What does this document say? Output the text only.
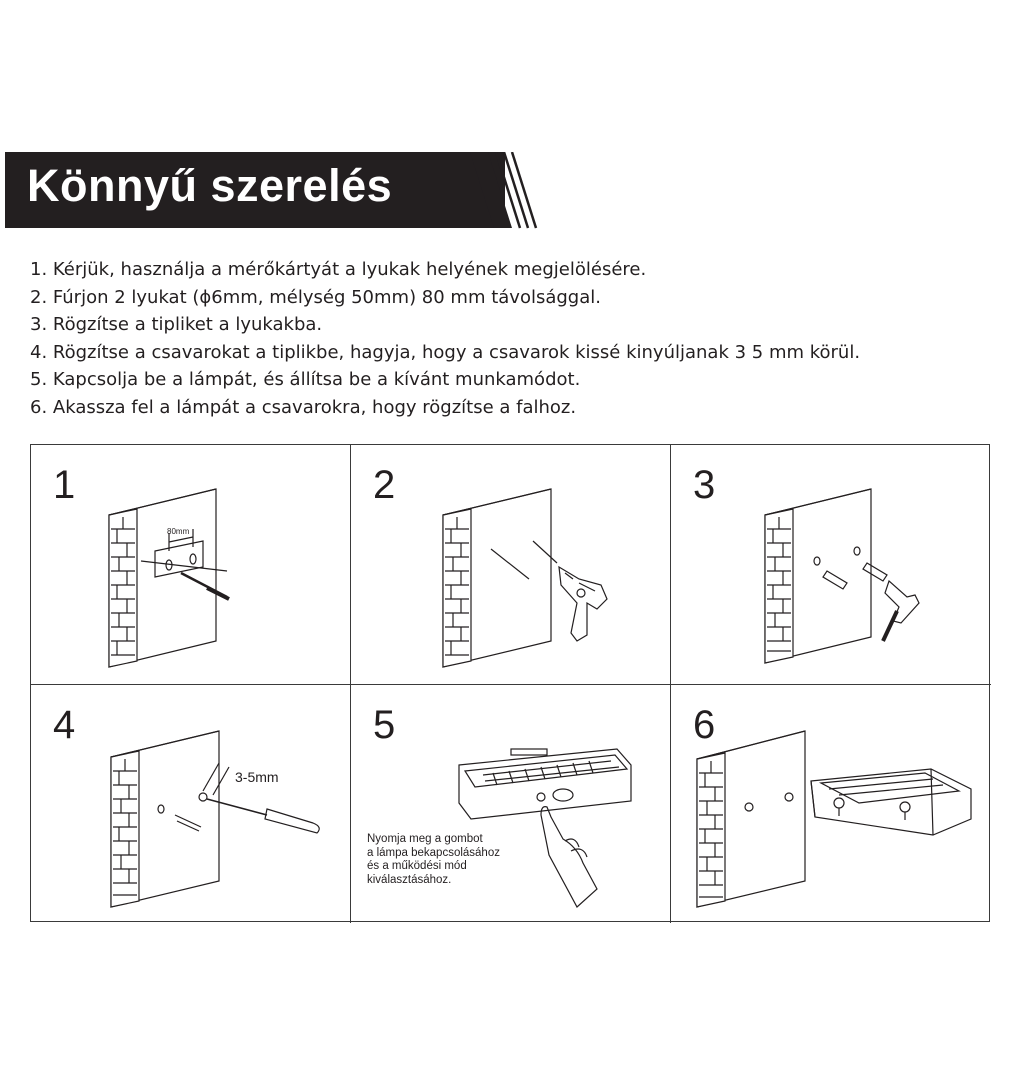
Könnyű szerelés
1. Kérjük, használja a mérőkártyát a lyukak helyének megjelölésére.
2. Fúrjon 2 lyukat (ϕ6mm, mélység 50mm) 80 mm távolsággal.
3. Rögzítse a tipliket a lyukakba.
4. Rögzítse a csavarokat a tiplikbe, hagyja, hogy a csavarok kissé kinyúljanak 3 5 mm körül.
5. Kapcsolja be a lámpát, és állítsa be a kívánt munkamódot.
6. Akassza fel a lámpát a csavarokra, hogy rögzítse a falhoz.
1
80mm
2	3
4
3-5mm
5
Nyomja meg a gombot
a lámpa bekapcsolásához
és a működési mód
kiválasztásához.
6
